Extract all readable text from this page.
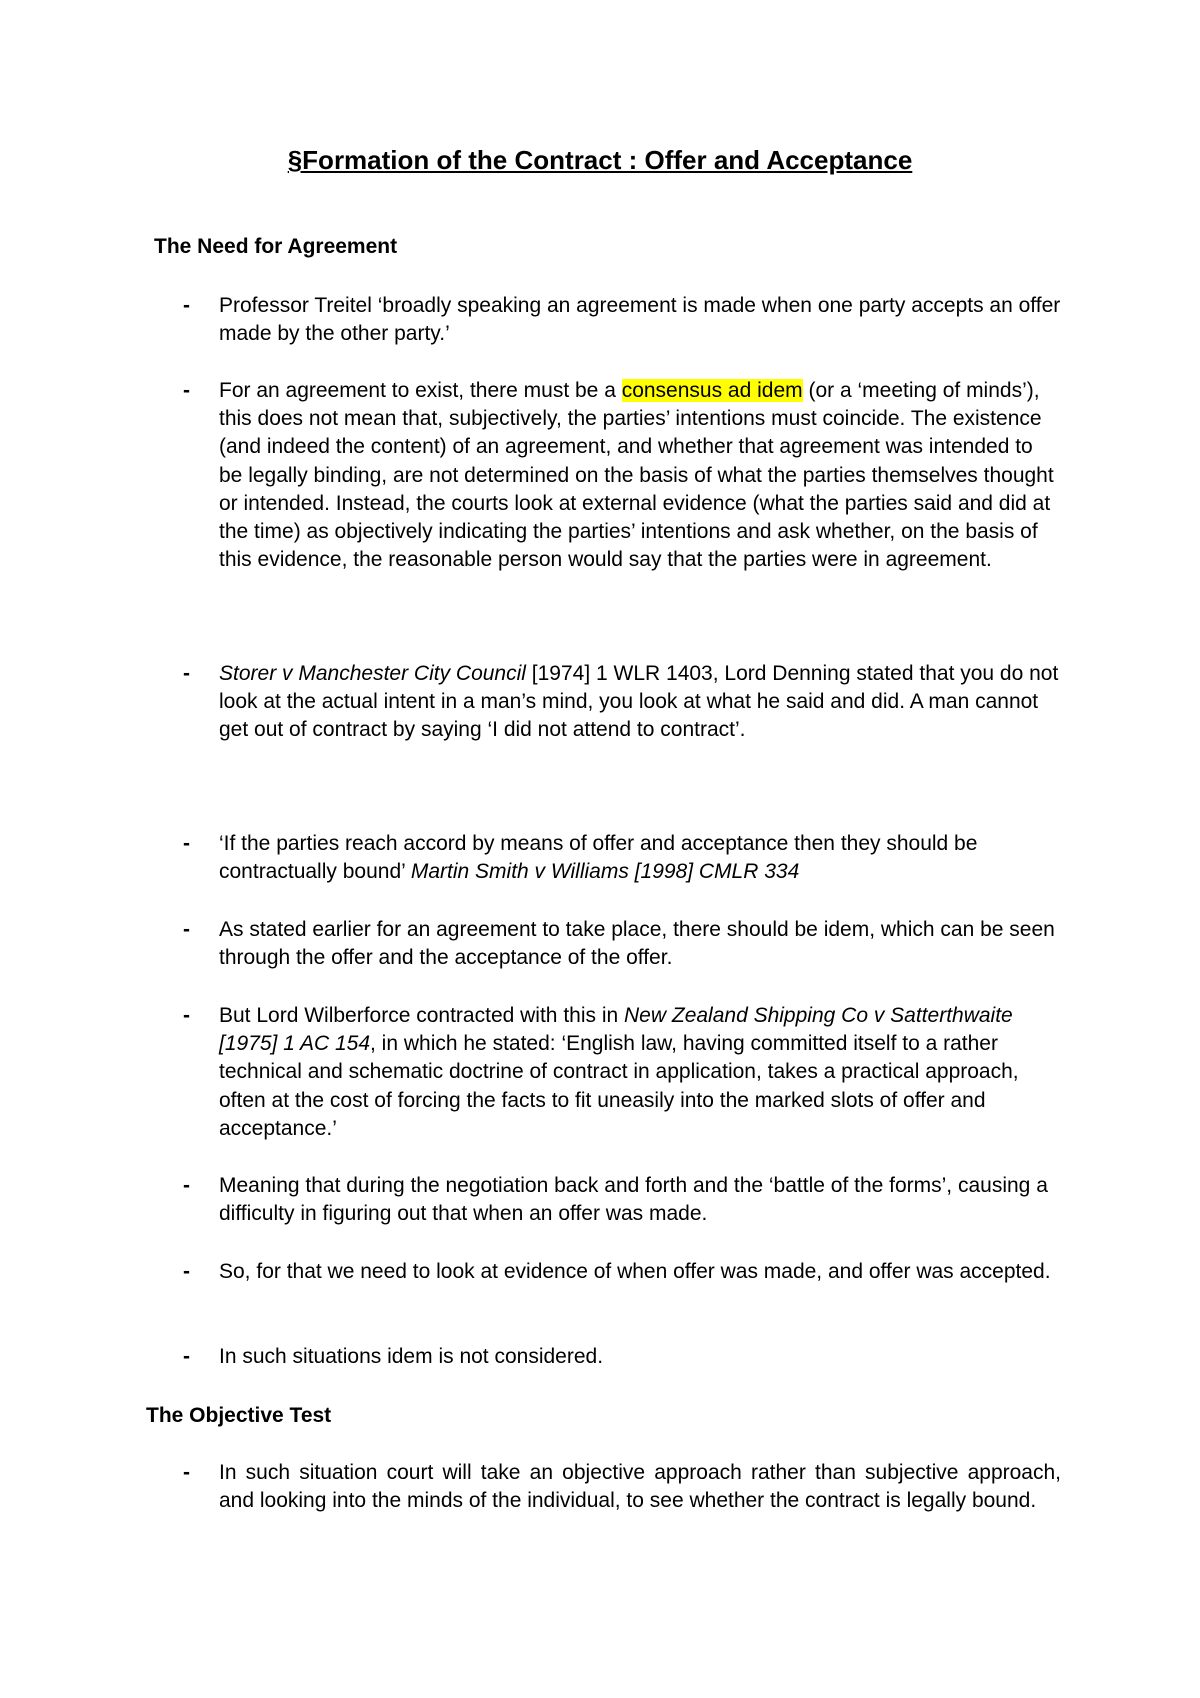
§Formation of the Contract : Offer and Acceptance
The Need for Agreement
-	Professor Treitel ‘broadly speaking an agreement is made when one party accepts an offer made by the other party.’

-	For an agreement to exist, there must be a consensus ad idem (or a ‘meeting of minds’), this does not mean that, subjectively, the parties’ intentions must coincide. The existence (and indeed the content) of an agreement, and whether that agreement was intended to be legally binding, are not determined on the basis of what the parties themselves thought or intended. Instead, the courts look at external evidence (what the parties said and did at the time) as objectively indicating the parties’ intentions and ask whether, on the basis of this evidence, the reasonable person would say that the parties were in agreement.

-	Storer v Manchester City Council [1974] 1 WLR 1403, Lord Denning stated that you do not look at the actual intent in a man’s mind, you look at what he said and did. A man cannot get out of contract by saying ‘I did not attend to contract’.

-	‘If the parties reach accord by means of offer and acceptance then they should be contractually bound’ Martin Smith v Williams [1998] CMLR 334

-	As stated earlier for an agreement to take place, there should be idem, which can be seen through the offer and the acceptance of the offer.

-	But Lord Wilberforce contracted with this in New Zealand Shipping Co v Satterthwaite [1975] 1 AC 154, in which he stated: ‘English law, having committed itself to a rather technical and schematic doctrine of contract in application, takes a practical approach, often at the cost of forcing the facts to fit uneasily into the marked slots of offer and acceptance.’

-	Meaning that during the negotiation back and forth and the ‘battle of the forms’, causing a difficulty in figuring out that when an offer was made.

-	So, for that we need to look at evidence of when offer was made, and offer was accepted.

-	In such situations idem is not considered.

The Objective Test
-	In such situation court will take an objective approach rather than subjective approach, and looking into the minds of the individual, to see whether the contract is legally bound.
